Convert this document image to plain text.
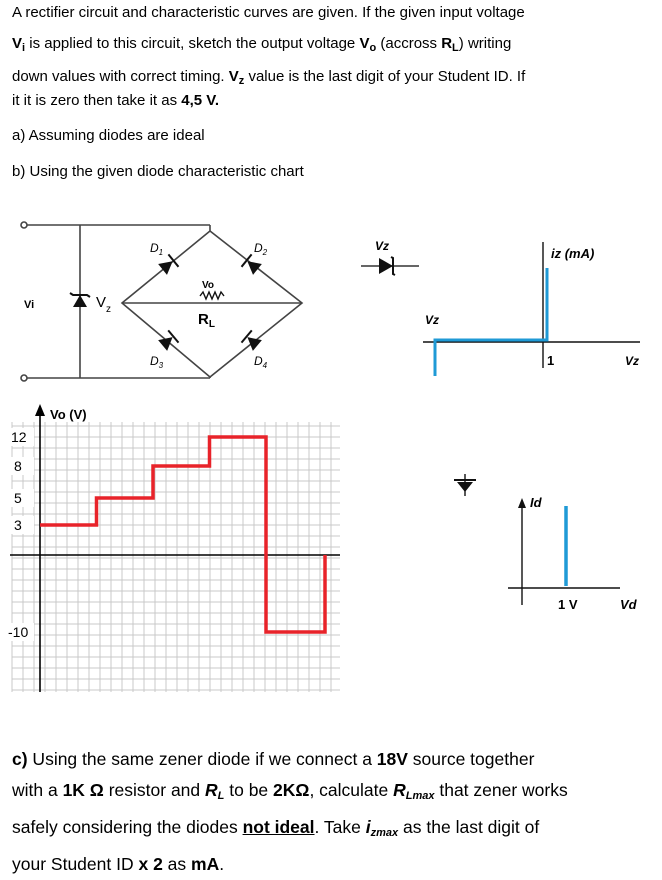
A rectifier circuit and characteristic curves are given. If the given input voltage

$V_i$ is applied to this circuit, sketch the output voltage $V_o$ (accross $R_L$) writing

down values with correct timing. $V_z$ value is the last digit of your Student ID. If

it it is zero then take it as 4,5 V.

a) Assuming diodes are ideal

b) Using the given diode characteristic chart

Vi	$V_z$
$D_1$	$D_2$
$D_3$	$D_4$
Vo
$R_L$
Vz	iz (mA)
Vz
1	Vz
12
8
5
3
-10
Vo (V)
Id
1 V	Vd
c) Using the same zener diode if we connect a 18V source together
with a 1K Ω resistor and $R_L$ to be 2KΩ, calculate $R_{Lmax}$ that zener works
safely considering the diodes not ideal. Take $i_{zmax}$ as the last digit of
your Student ID x 2 as mA.
